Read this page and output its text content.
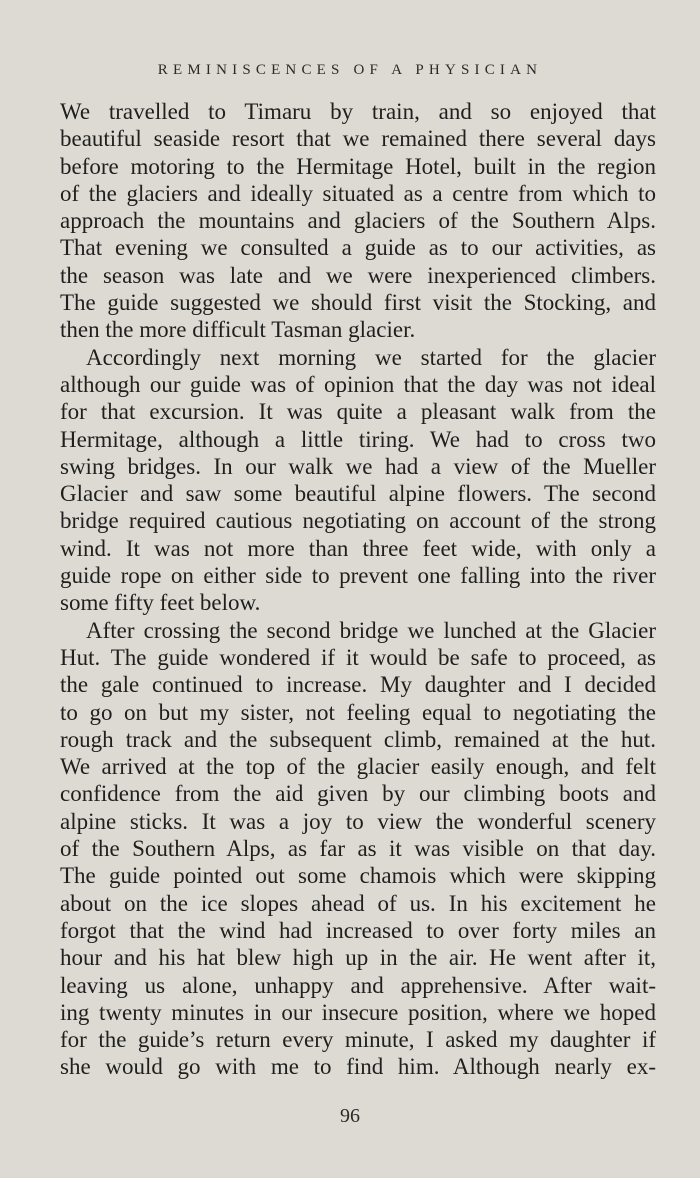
REMINISCENCES OF A PHYSICIAN
We travelled to Timaru by train, and so enjoyed that
beautiful seaside resort that we remained there several days
before motoring to the Hermitage Hotel, built in the region
of the glaciers and ideally situated as a centre from which to
approach the mountains and glaciers of the Southern Alps.
That evening we consulted a guide as to our activities, as
the season was late and we were inexperienced climbers.
The guide suggested we should first visit the Stocking, and
then the more difficult Tasman glacier.
Accordingly next morning we started for the glacier
although our guide was of opinion that the day was not ideal
for that excursion. It was quite a pleasant walk from the
Hermitage, although a little tiring. We had to cross two
swing bridges. In our walk we had a view of the Mueller
Glacier and saw some beautiful alpine flowers. The second
bridge required cautious negotiating on account of the strong
wind. It was not more than three feet wide, with only a
guide rope on either side to prevent one falling into the river
some fifty feet below.
After crossing the second bridge we lunched at the Glacier
Hut. The guide wondered if it would be safe to proceed, as
the gale continued to increase. My daughter and I decided
to go on but my sister, not feeling equal to negotiating the
rough track and the subsequent climb, remained at the hut.
We arrived at the top of the glacier easily enough, and felt
confidence from the aid given by our climbing boots and
alpine sticks. It was a joy to view the wonderful scenery
of the Southern Alps, as far as it was visible on that day.
The guide pointed out some chamois which were skipping
about on the ice slopes ahead of us. In his excitement he
forgot that the wind had increased to over forty miles an
hour and his hat blew high up in the air. He went after it,
leaving us alone, unhappy and apprehensive. After wait-
ing twenty minutes in our insecure position, where we hoped
for the guide’s return every minute, I asked my daughter if
she would go with me to find him. Although nearly ex-
96
